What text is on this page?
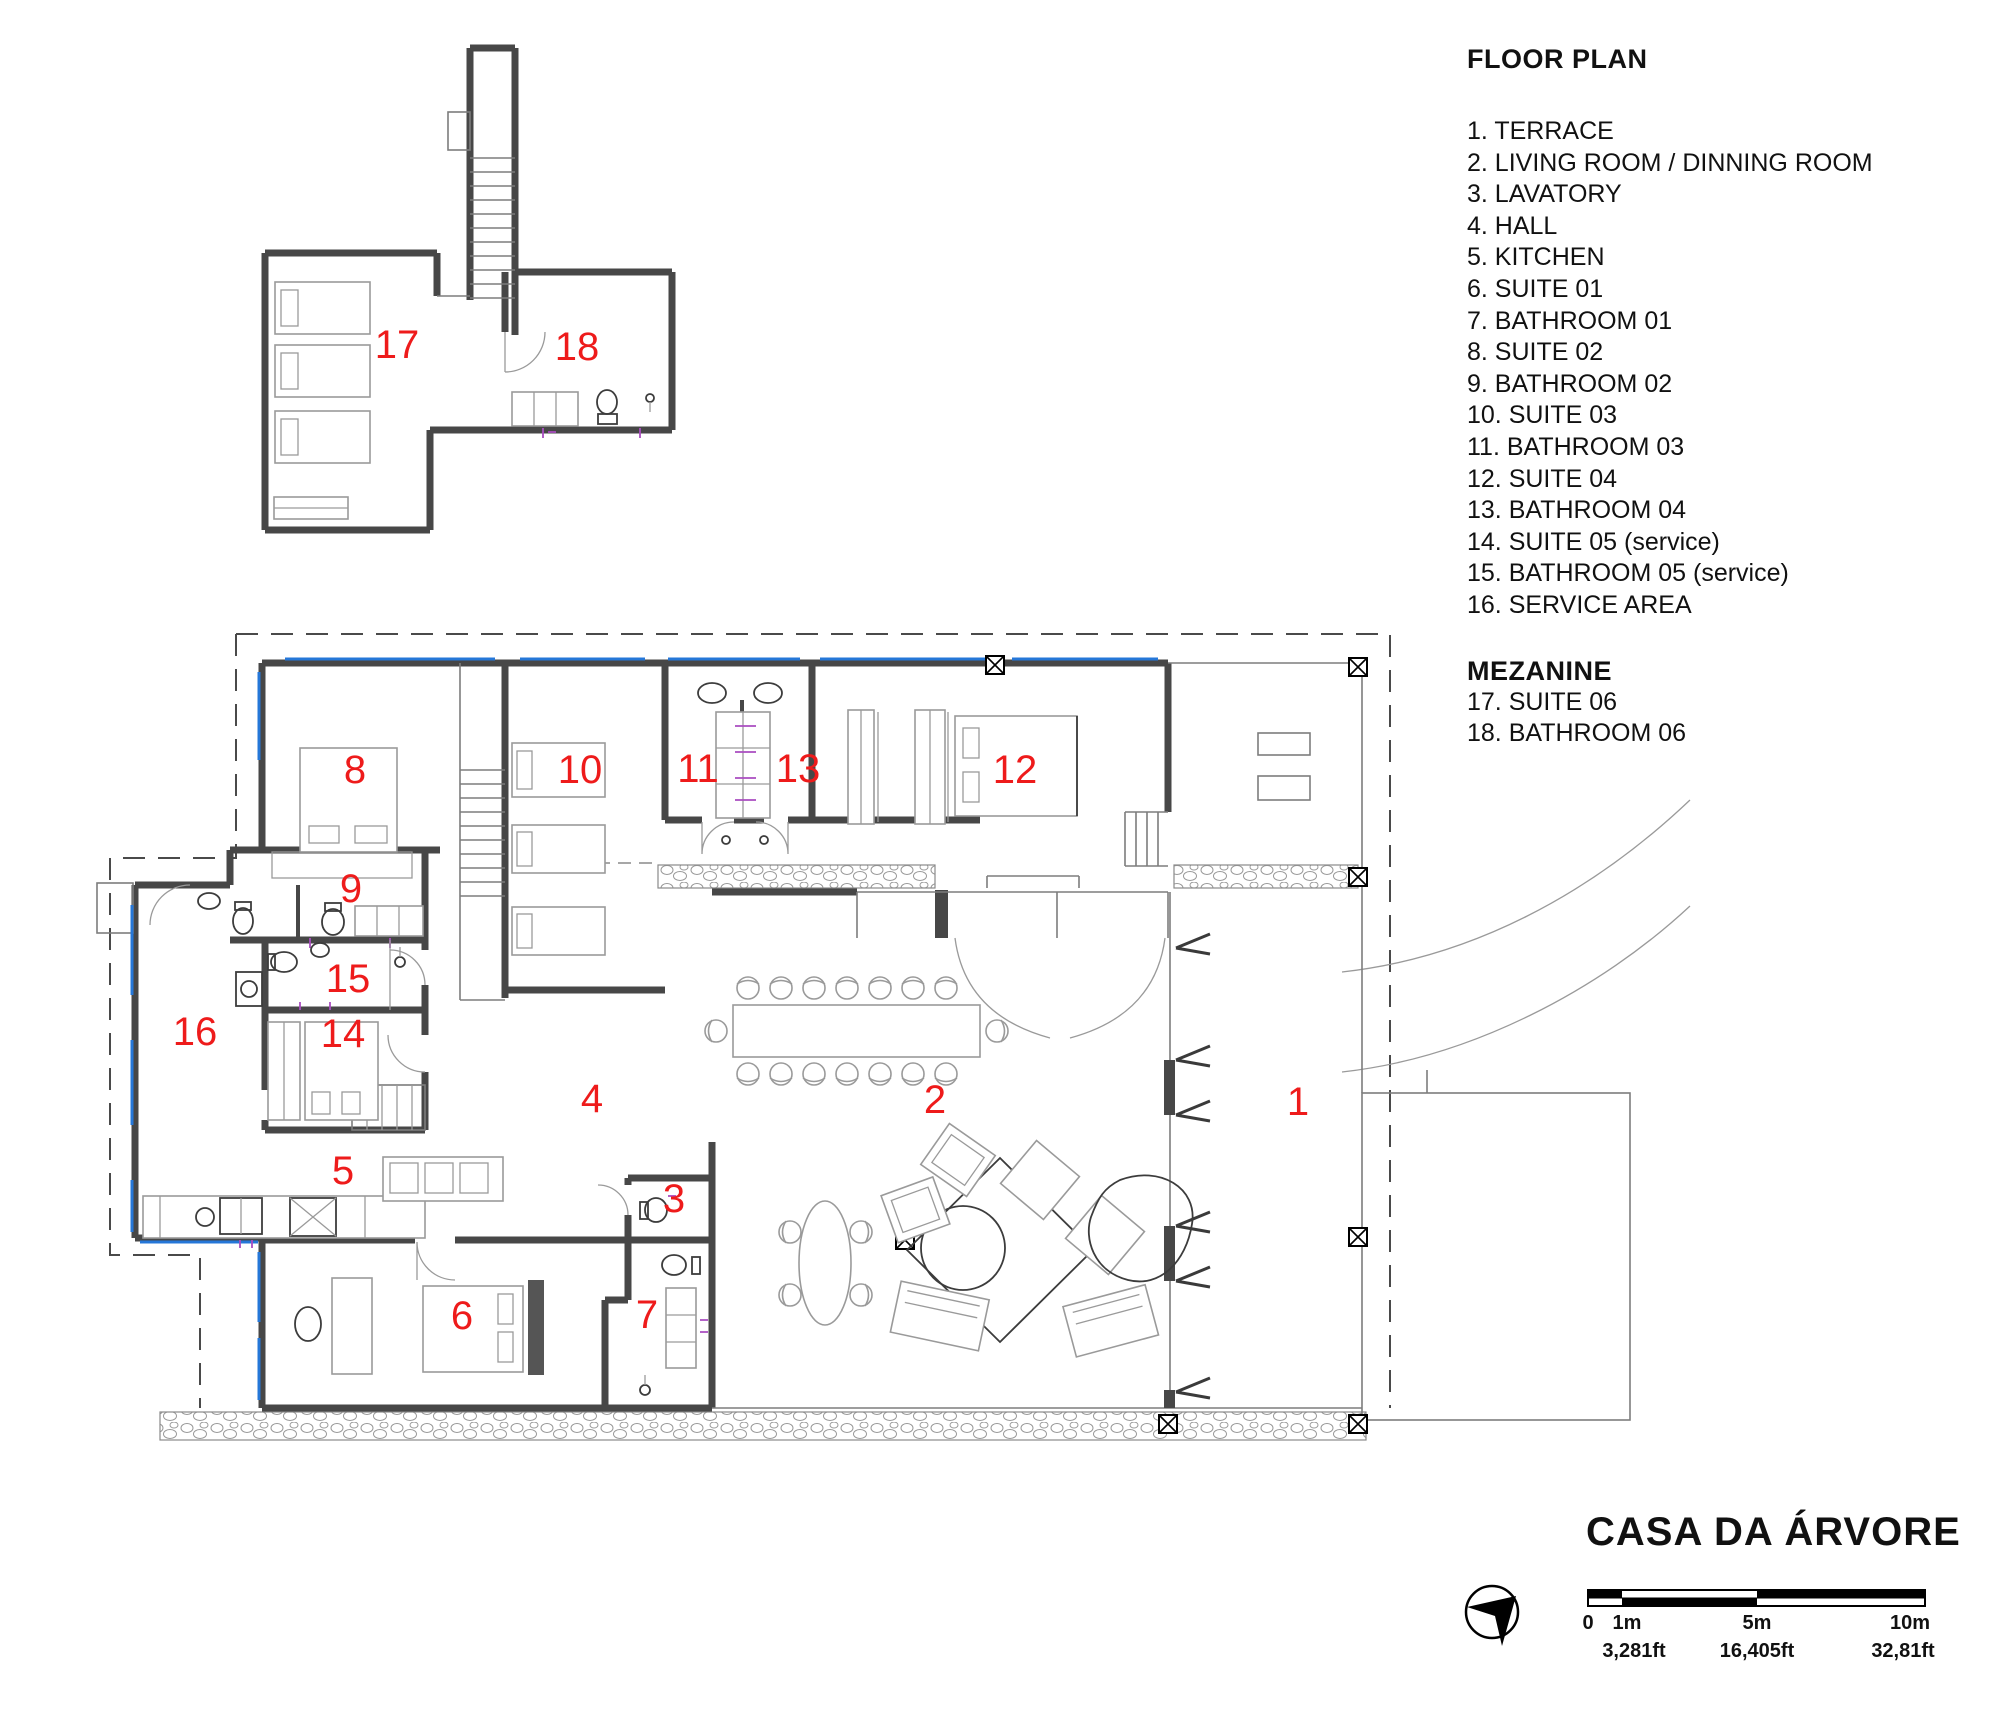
1
2
3
4
5
6	7
8
9
10 11	12
13
14
15
16
17	18
FLOOR PLAN
1. TERRACE
2. LIVING ROOM / DINNING ROOM
3. LAVATORY
4. HALL
5. KITCHEN
6. SUITE 01
7. BATHROOM 01
8. SUITE 02
9. BATHROOM 02
10. SUITE 03
11. BATHROOM 03
12. SUITE 04
13. BATHROOM 04
14. SUITE 05 (service)
15. BATHROOM 05 (service)
16. SERVICE AREA
MEZANINE
17. SUITE 06
18. BATHROOM 06
CASA DA ÁRVORE
0 1m	5m	10m
3,281ft	16,405ft	32,81ft
